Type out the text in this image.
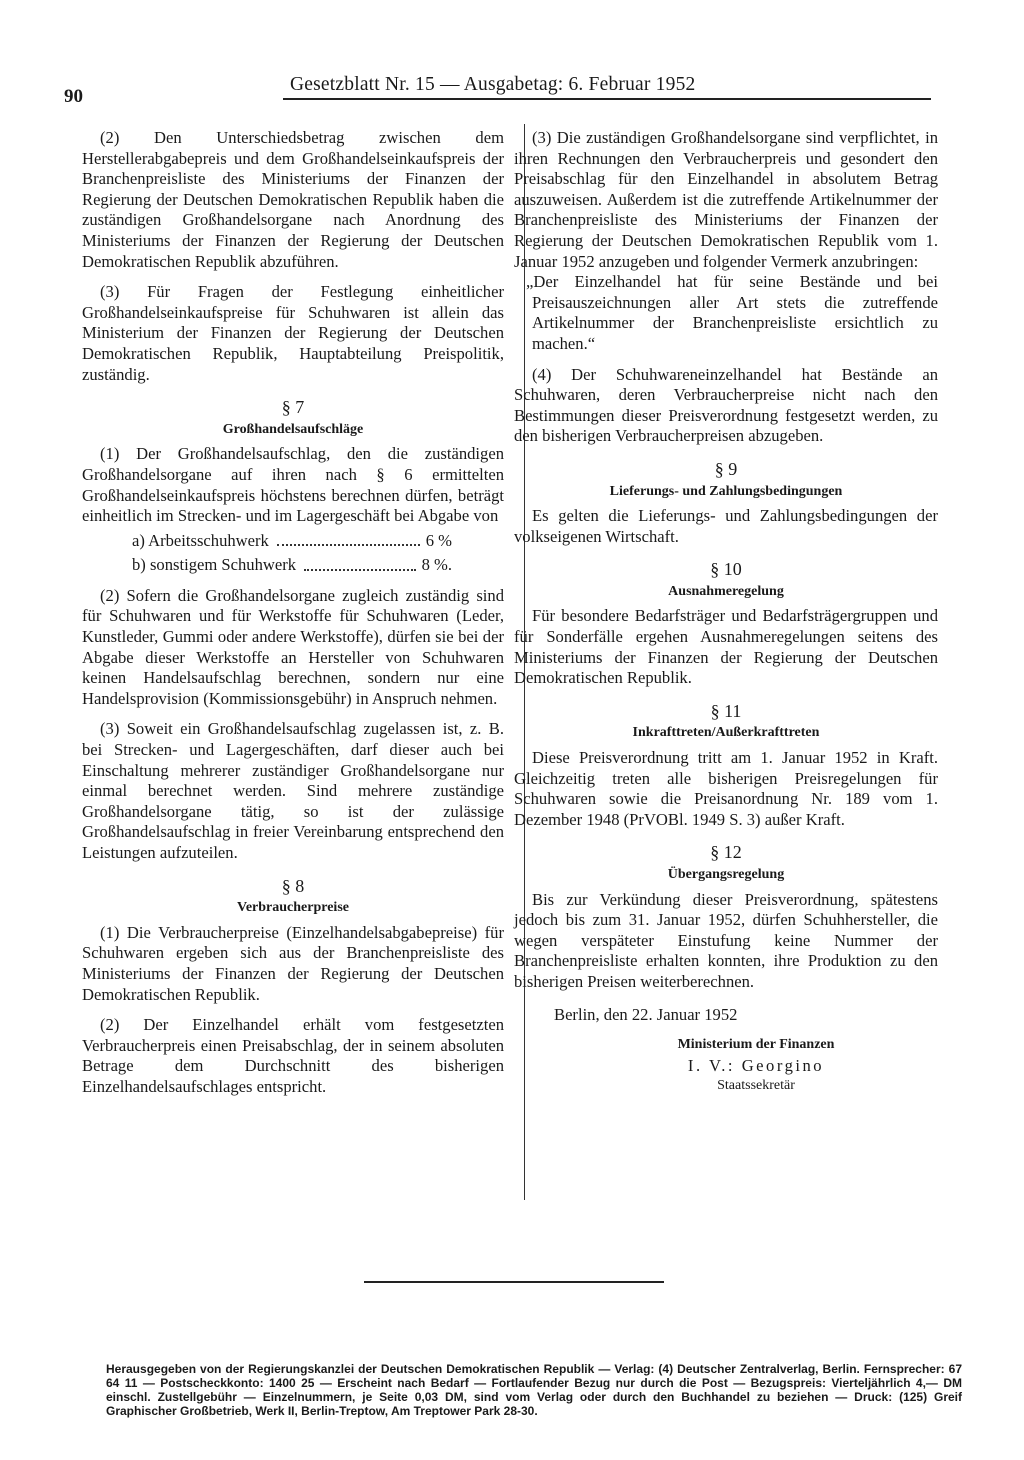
90
Gesetzblatt Nr. 15 — Ausgabetag: 6. Februar 1952

(2) Den Unterschiedsbetrag zwischen dem Herstellerabgabepreis und dem Großhandelseinkaufspreis der Branchenpreisliste des Ministeriums der Finanzen der Regierung der Deutschen Demokratischen Republik haben die zuständigen Großhandelsorgane nach Anordnung des Ministeriums der Finanzen der Regierung der Deutschen Demokratischen Republik abzuführen.

(3) Für Fragen der Festlegung einheitlicher Großhandelseinkaufspreise für Schuhwaren ist allein das Ministerium der Finanzen der Regierung der Deutschen Demokratischen Republik, Hauptabteilung Preispolitik, zuständig.

§ 7
Großhandelsaufschläge

(1) Der Großhandelsaufschlag, den die zuständigen Großhandelsorgane auf ihren nach § 6 ermittelten Großhandelseinkaufspreis höchstens berechnen dürfen, beträgt einheitlich im Strecken- und im Lagergeschäft bei Abgabe von

a) Arbeitsschuhwerk	6 %
b) sonstigem Schuhwerk	8 %.

(2) Sofern die Großhandelsorgane zugleich zuständig sind für Schuhwaren und für Werkstoffe für Schuhwaren (Leder, Kunstleder, Gummi oder andere Werkstoffe), dürfen sie bei der Abgabe dieser Werkstoffe an Hersteller von Schuhwaren keinen Handelsaufschlag berechnen, sondern nur eine Handelsprovision (Kommissionsgebühr) in Anspruch nehmen.

(3) Soweit ein Großhandelsaufschlag zugelassen ist, z. B. bei Strecken- und Lagergeschäften, darf dieser auch bei Einschaltung mehrerer zuständiger Großhandelsorgane nur einmal berechnet werden. Sind mehrere zuständige Großhandelsorgane tätig, so ist der zulässige Großhandelsaufschlag in freier Vereinbarung entsprechend den Leistungen aufzuteilen.

§ 8
Verbraucherpreise

(1) Die Verbraucherpreise (Einzelhandelsabgabepreise) für Schuhwaren ergeben sich aus der Branchenpreisliste des Ministeriums der Finanzen der Regierung der Deutschen Demokratischen Republik.

(2) Der Einzelhandel erhält vom festgesetzten Verbraucherpreis einen Preisabschlag, der in seinem absoluten Betrage dem Durchschnitt des bisherigen Einzelhandelsaufschlages entspricht.

(3) Die zuständigen Großhandelsorgane sind verpflichtet, in ihren Rechnungen den Verbraucherpreis und gesondert den Preisabschlag für den Einzelhandel in absolutem Betrag auszuweisen. Außerdem ist die zutreffende Artikelnummer der Branchenpreisliste des Ministeriums der Finanzen der Regierung der Deutschen Demokratischen Republik vom 1. Januar 1952 anzugeben und folgender Vermerk anzubringen:

„Der Einzelhandel hat für seine Bestände und bei Preisauszeichnungen aller Art stets die zutreffende Artikelnummer der Branchenpreisliste ersichtlich zu machen.“

(4) Der Schuhwareneinzelhandel hat Bestände an Schuhwaren, deren Verbraucherpreise nicht nach den Bestimmungen dieser Preisverordnung festgesetzt werden, zu den bisherigen Verbraucherpreisen abzugeben.

§ 9
Lieferungs- und Zahlungsbedingungen

Es gelten die Lieferungs- und Zahlungsbedingungen der volkseigenen Wirtschaft.

§ 10
Ausnahmeregelung

Für besondere Bedarfsträger und Bedarfsträgergruppen und für Sonderfälle ergehen Ausnahmeregelungen seitens des Ministeriums der Finanzen der Regierung der Deutschen Demokratischen Republik.

§ 11
Inkrafttreten/Außerkrafttreten

Diese Preisverordnung tritt am 1. Januar 1952 in Kraft. Gleichzeitig treten alle bisherigen Preisregelungen für Schuhwaren sowie die Preisanordnung Nr. 189 vom 1. Dezember 1948 (PrVOBl. 1949 S. 3) außer Kraft.

§ 12
Übergangsregelung

Bis zur Verkündung dieser Preisverordnung, spätestens jedoch bis zum 31. Januar 1952, dürfen Schuhhersteller, die wegen verspäteter Einstufung keine Nummer der Branchenpreisliste erhalten konnten, ihre Produktion zu den bisherigen Preisen weiterberechnen.

Berlin, den 22. Januar 1952
Ministerium der Finanzen
I. V.: Georgino
Staatssekretär
Herausgegeben von der Regierungskanzlei der Deutschen Demokratischen Republik — Verlag: (4) Deutscher Zentralverlag, Berlin. Fernsprecher: 67 64 11 — Postscheckkonto: 1400 25 — Erscheint nach Bedarf — Fortlaufender Bezug nur durch die Post — Bezugspreis: Vierteljährlich 4,— DM einschl. Zustellgebühr — Einzelnummern, je Seite 0,03 DM, sind vom Verlag oder durch den Buchhandel zu beziehen — Druck: (125) Greif Graphischer Großbetrieb, Werk II, Berlin-Treptow, Am Treptower Park 28-30.
